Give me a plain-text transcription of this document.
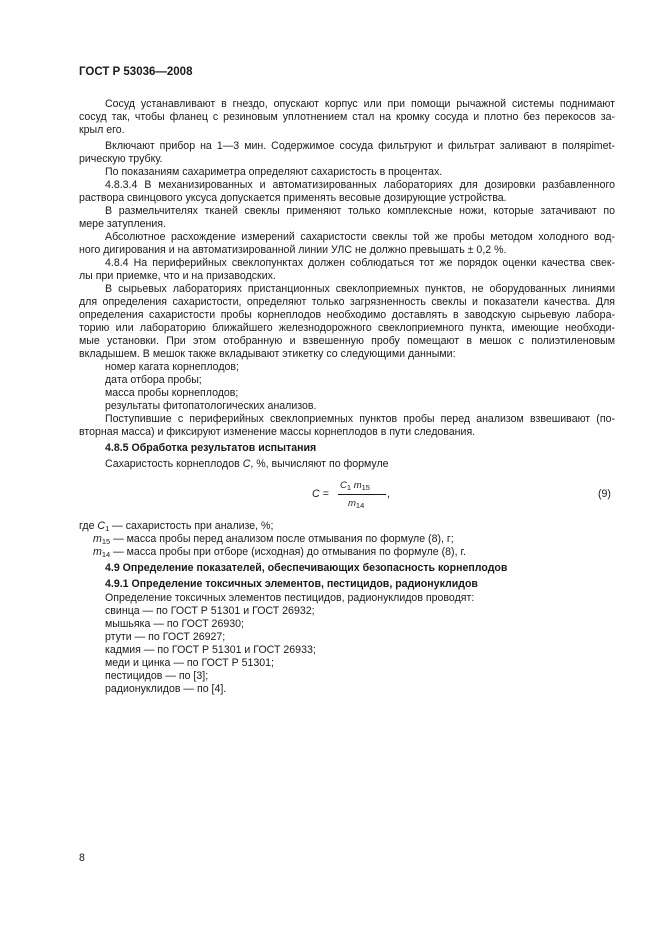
ГОСТ Р 53036—2008
Сосуд устанавливают в гнездо, опускают корпус или при помощи рычажной системы поднимают
сосуд так, чтобы фланец с резиновым уплотнением стал на кромку сосуда и плотно без перекосов за-
крыл его.
Включают прибор на 1—3 мин. Содержимое сосуда фильтруют и фильтрат заливают в полярimet-
рическую трубку.
По показаниям сахариметра определяют сахаристость в процентах.
4.8.3.4 В механизированных и автоматизированных лабораториях для дозировки разбавленного
раствора свинцового уксуса допускается применять весовые дозирующие устройства.
В размельчителях тканей свеклы применяют только комплексные ножи, которые затачивают по
мере затупления.
Абсолютное расхождение измерений сахаристости свеклы той же пробы методом холодного вод-
ного дигирования и на автоматизированной линии УЛС не должно превышать ± 0,2 %.
4.8.4 На периферийных свеклопунктах должен соблюдаться тот же порядок оценки качества свек-
лы при приемке, что и на призаводских.
В сырьевых лабораториях пристанционных свеклоприемных пунктов, не оборудованных линиями
для определения сахаристости, определяют только загрязненность свеклы и показатели качества. Для
определения сахаристости пробы корнеплодов необходимо доставлять в заводскую сырьевую лабора-
торию или лабораторию ближайшего железнодорожного свеклоприемного пункта, имеющие необходи-
мые установки. При этом отобранную и взвешенную пробу помещают в мешок с полиэтиленовым
вкладышем. В мешок также вкладывают этикетку со следующими данными:
номер кагата корнеплодов;
дата отбора пробы;
масса пробы корнеплодов;
результаты фитопатологических анализов.
Поступившие с периферийных свеклоприемных пунктов пробы перед анализом взвешивают (по-
вторная масса) и фиксируют изменение массы корнеплодов в пути следования.
4.8.5 Обработка результатов испытания
Сахаристость корнеплодов C, %, вычисляют по формуле
C =
$C_1$ $m_{15}$
$m_{14}$
,	(9)
где $C_1$ — сахаристость при анализе, %;
$m_{15}$ — масса пробы перед анализом после отмывания по формуле (8), г;
$m_{14}$ — масса пробы при отборе (исходная) до отмывания по формуле (8), г.
4.9 Определение показателей, обеспечивающих безопасность корнеплодов
4.9.1 Определение токсичных элементов, пестицидов, радионуклидов
Определение токсичных элементов пестицидов, радионуклидов проводят:
свинца — по ГОСТ Р 51301 и ГОСТ 26932;
мышьяка — по ГОСТ 26930;
ртути — по ГОСТ 26927;
кадмия — по ГОСТ Р 51301 и ГОСТ 26933;
меди и цинка — по ГОСТ Р 51301;
пестицидов — по [3];
радионуклидов — по [4].
8
